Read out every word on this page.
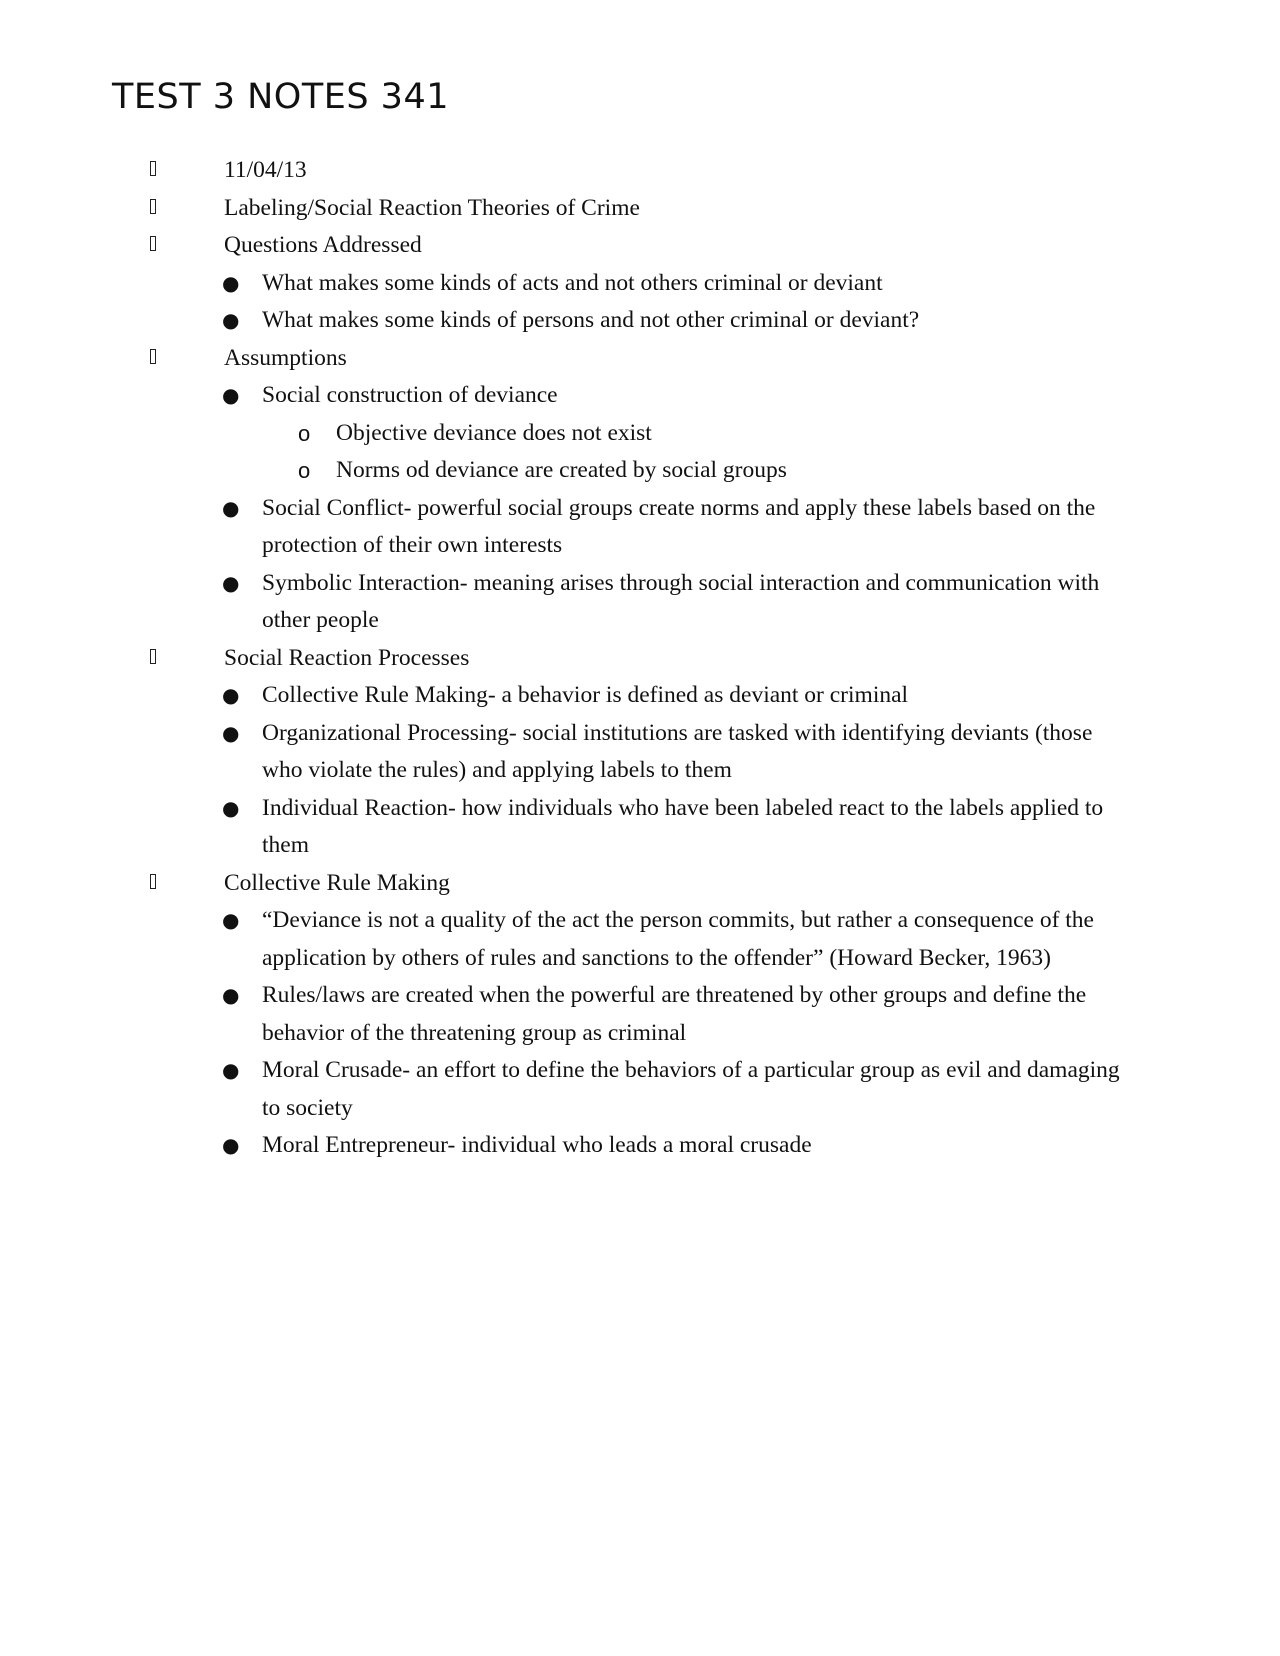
TEST 3 NOTES 341
11/04/13
Labeling/Social Reaction Theories of Crime
Questions Addressed
● What makes some kinds of acts and not others criminal or deviant
● What makes some kinds of persons and not other criminal or deviant?
Assumptions
● Social construction of deviance
o Objective deviance does not exist
o Norms od deviance are created by social groups
● Social Conflict- powerful social groups create norms and apply these labels based on the protection of their own interests
● Symbolic Interaction- meaning arises through social interaction and communication with other people
Social Reaction Processes
● Collective Rule Making- a behavior is defined as deviant or criminal
● Organizational Processing- social institutions are tasked with identifying deviants (those who violate the rules) and applying labels to them
● Individual Reaction- how individuals who have been labeled react to the labels applied to them
Collective Rule Making
● “Deviance is not a quality of the act the person commits, but rather a consequence of the application by others of rules and sanctions to the offender” (Howard Becker, 1963)
● Rules/laws are created when the powerful are threatened by other groups and define the behavior of the threatening group as criminal
● Moral Crusade- an effort to define the behaviors of a particular group as evil and damaging to society
● Moral Entrepreneur- individual who leads a moral crusade
